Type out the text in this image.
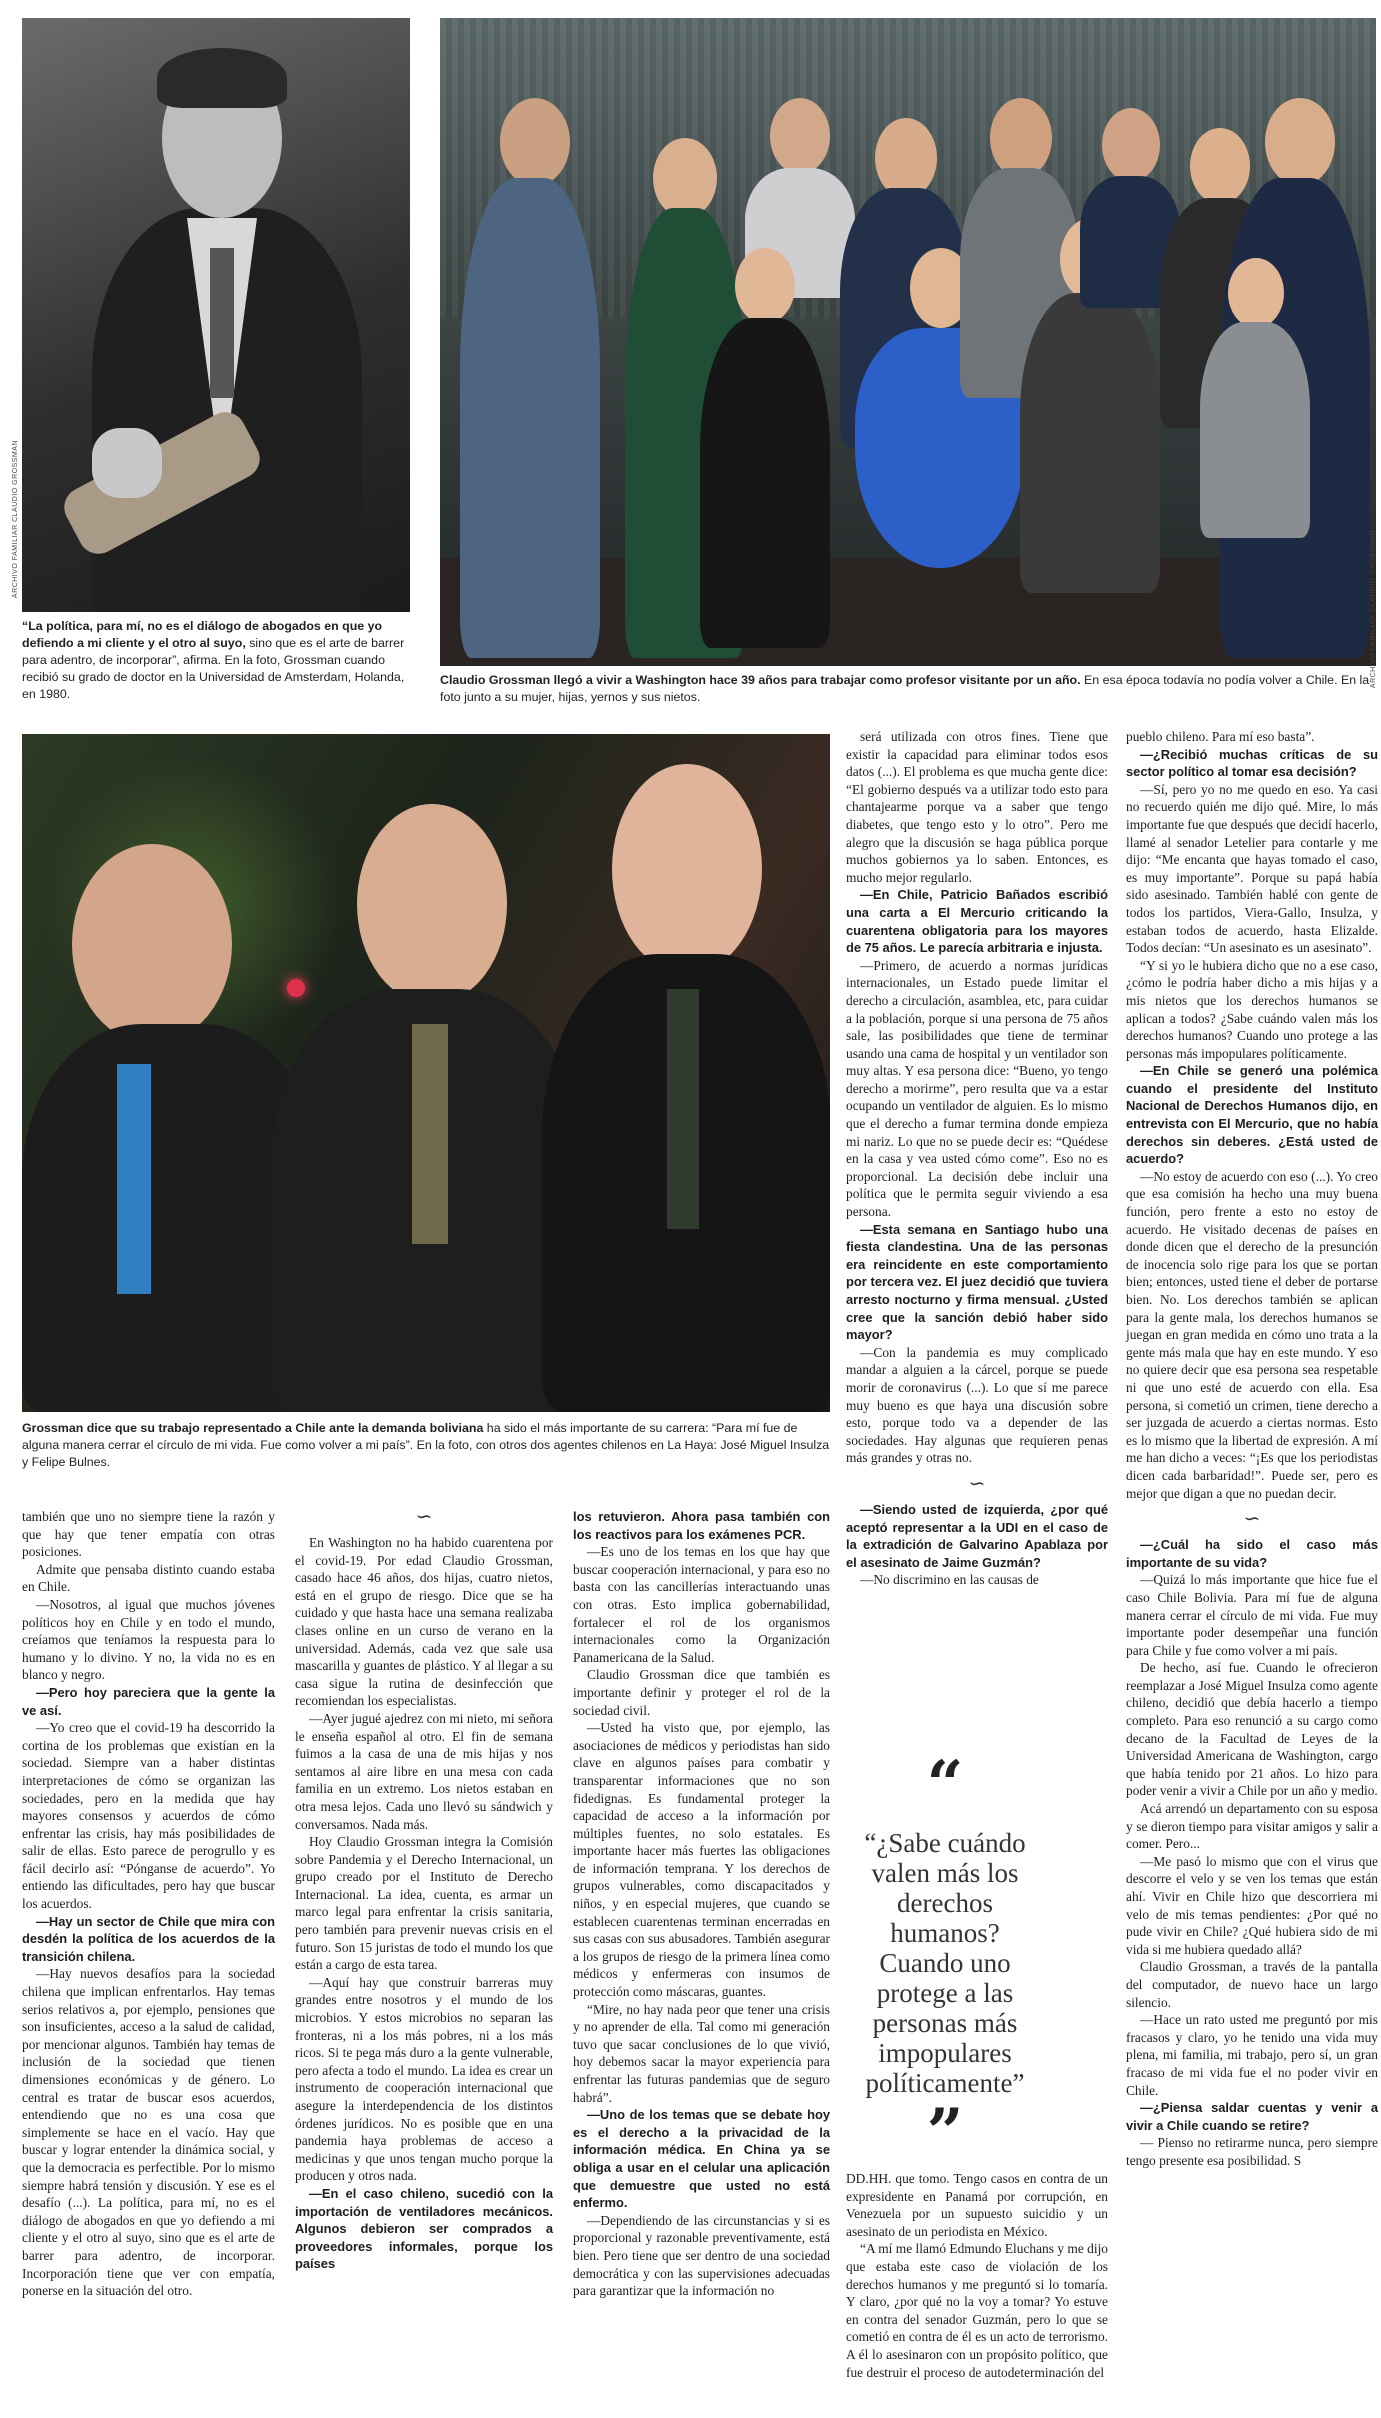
ARCHIVO FAMILIAR CLAUDIO GROSSMAN
ARCHIVO FAMILIAR CLAUDIO GROSSMAN
“La política, para mí, no es el diálogo de abogados en que yo defiendo a mi cliente y el otro al suyo, sino que es el arte de barrer para adentro, de incorporar”, afirma. En la foto, Grossman cuando recibió su grado de doctor en la Universidad de Amsterdam, Holanda, en 1980.
Claudio Grossman llegó a vivir a Washington hace 39 años para trabajar como profesor visitante por un año. En esa época todavía no podía volver a Chile. En la foto junto a su mujer, hijas, yernos y sus nietos.
Grossman dice que su trabajo representado a Chile ante la demanda boliviana ha sido el más importante de su carrera: “Para mí fue de alguna manera cerrar el círculo de mi vida. Fue como volver a mi país”. En la foto, con otros dos agentes chilenos en La Haya: José Miguel Insulza y Felipe Bulnes.

será utilizada con otros fines. Tiene que existir la capacidad para eliminar todos esos datos (...). El problema es que mucha gente dice: “El gobierno después va a utilizar todo esto para chantajearme porque va a saber que tengo diabetes, que tengo esto y lo otro”. Pero me alegro que la discusión se haga pública porque muchos gobiernos ya lo saben. Entonces, es mucho mejor regularlo.

—En Chile, Patricio Bañados escribió una carta a El Mercurio criticando la cuarentena obligatoria para los mayores de 75 años. Le parecía arbitraria e injusta.

—Primero, de acuerdo a normas jurídicas internacionales, un Estado puede limitar el derecho a circulación, asamblea, etc, para cuidar a la población, porque si una persona de 75 años sale, las posibilidades que tiene de terminar usando una cama de hospital y un ventilador son muy altas. Y esa persona dice: “Bueno, yo tengo derecho a morirme”, pero resulta que va a estar ocupando un ventilador de alguien. Es lo mismo que el derecho a fumar termina donde empieza mi nariz. Lo que no se puede decir es: “Quédese en la casa y vea usted cómo come”. Eso no es proporcional. La decisión debe incluir una política que le permita seguir viviendo a esa persona.

—Esta semana en Santiago hubo una fiesta clandestina. Una de las personas era reincidente en este comportamiento por tercera vez. El juez decidió que tuviera arresto nocturno y firma mensual. ¿Usted cree que la sanción debió haber sido mayor?

—Con la pandemia es muy complicado mandar a alguien a la cárcel, porque se puede morir de coronavirus (...). Lo que sí me parece muy bueno es que haya una discusión sobre esto, porque todo va a depender de las sociedades. Hay algunas que requieren penas más grandes y otras no.

∽

—Siendo usted de izquierda, ¿por qué aceptó representar a la UDI en el caso de la extradición de Galvarino Apablaza por el asesinato de Jaime Guzmán?

—No discrimino en las causas de

DD.HH. que tomo. Tengo casos en contra de un expresidente en Panamá por corrupción, en Venezuela por un supuesto suicidio y un asesinato de un periodista en México.

“A mí me llamó Edmundo Eluchans y me dijo que estaba este caso de violación de los derechos humanos y me preguntó si lo tomaría. Y claro, ¿por qué no la voy a tomar? Yo estuve en contra del senador Guzmán, pero lo que se cometió en contra de él es un acto de terrorismo. A él lo asesinaron con un propósito político, que fue destruir el proceso de autodeterminación del

pueblo chileno. Para mí eso basta”.

—¿Recibió muchas críticas de su sector político al tomar esa decisión?

—Sí, pero yo no me quedo en eso. Ya casi no recuerdo quién me dijo qué. Mire, lo más importante fue que después que decidí hacerlo, llamé al senador Letelier para contarle y me dijo: “Me encanta que hayas tomado el caso, es muy importante”. Porque su papá había sido asesinado. También hablé con gente de todos los partidos, Viera-Gallo, Insulza, y estaban todos de acuerdo, hasta Elizalde. Todos decían: “Un asesinato es un asesinato”.

“Y si yo le hubiera dicho que no a ese caso, ¿cómo le podría haber dicho a mis hijas y a mis nietos que los derechos humanos se aplican a todos? ¿Sabe cuándo valen más los derechos humanos? Cuando uno protege a las personas más impopulares políticamente.

—En Chile se generó una polémica cuando el presidente del Instituto Nacional de Derechos Humanos dijo, en entrevista con El Mercurio, que no había derechos sin deberes. ¿Está usted de acuerdo?

—No estoy de acuerdo con eso (...). Yo creo que esa comisión ha hecho una muy buena función, pero frente a esto no estoy de acuerdo. He visitado decenas de países en donde dicen que el derecho de la presunción de inocencia solo rige para los que se portan bien; entonces, usted tiene el deber de portarse bien. No. Los derechos también se aplican para la gente mala, los derechos humanos se juegan en gran medida en cómo uno trata a la gente más mala que hay en este mundo. Y eso no quiere decir que esa persona sea respetable ni que uno esté de acuerdo con ella. Esa persona, si cometió un crimen, tiene derecho a ser juzgada de acuerdo a ciertas normas. Esto es lo mismo que la libertad de expresión. A mí me han dicho a veces: “¡Es que los periodistas dicen cada barbaridad!”. Puede ser, pero es mejor que digan a que no puedan decir.

∽

—¿Cuál ha sido el caso más importante de su vida?

—Quizá lo más importante que hice fue el caso Chile Bolivia. Para mí fue de alguna manera cerrar el círculo de mi vida. Fue muy importante poder desempeñar una función para Chile y fue como volver a mi país.

De hecho, así fue. Cuando le ofrecieron reemplazar a José Miguel Insulza como agente chileno, decidió que debía hacerlo a tiempo completo. Para eso renunció a su cargo como decano de la Facultad de Leyes de la Universidad Americana de Washington, cargo que había tenido por 21 años. Lo hizo para poder venir a vivir a Chile por un año y medio.

Acá arrendó un departamento con su esposa y se dieron tiempo para visitar amigos y salir a comer. Pero...

—Me pasó lo mismo que con el virus que descorre el velo y se ven los temas que están ahí. Vivir en Chile hizo que descorriera mi velo de mis temas pendientes: ¿Por qué no pude vivir en Chile? ¿Qué hubiera sido de mi vida si me hubiera quedado allá?

Claudio Grossman, a través de la pantalla del computador, de nuevo hace un largo silencio.

—Hace un rato usted me preguntó por mis fracasos y claro, yo he tenido una vida muy plena, mi familia, mi trabajo, pero sí, un gran fracaso de mi vida fue el no poder vivir en Chile.

—¿Piensa saldar cuentas y venir a vivir a Chile cuando se retire?

— Pienso no retirarme nunca, pero siempre tengo presente esa posibilidad. S

también que uno no siempre tiene la razón y que hay que tener empatía con otras posiciones.

Admite que pensaba distinto cuando estaba en Chile.

—Nosotros, al igual que muchos jóvenes políticos hoy en Chile y en todo el mundo, creíamos que teníamos la respuesta para lo humano y lo divino. Y no, la vida no es en blanco y negro.

—Pero hoy pareciera que la gente la ve así.

—Yo creo que el covid-19 ha descorrido la cortina de los problemas que existían en la sociedad. Siempre van a haber distintas interpretaciones de cómo se organizan las sociedades, pero en la medida que hay mayores consensos y acuerdos de cómo enfrentar las crisis, hay más posibilidades de salir de ellas. Esto parece de perogrullo y es fácil decirlo así: “Pónganse de acuerdo”. Yo entiendo las dificultades, pero hay que buscar los acuerdos.

—Hay un sector de Chile que mira con desdén la política de los acuerdos de la transición chilena.

—Hay nuevos desafíos para la sociedad chilena que implican enfrentarlos. Hay temas serios relativos a, por ejemplo, pensiones que son insuficientes, acceso a la salud de calidad, por mencionar algunos. También hay temas de inclusión de la sociedad que tienen dimensiones económicas y de género. Lo central es tratar de buscar esos acuerdos, entendiendo que no es una cosa que simplemente se hace en el vacío. Hay que buscar y lograr entender la dinámica social, y que la democracia es perfectible. Por lo mismo siempre habrá tensión y discusión. Y ese es el desafío (...). La política, para mí, no es el diálogo de abogados en que yo defiendo a mi cliente y el otro al suyo, sino que es el arte de barrer para adentro, de incorporar. Incorporación tiene que ver con empatía, ponerse en la situación del otro.

∽

En Washington no ha habido cuarentena por el covid-19. Por edad Claudio Grossman, casado hace 46 años, dos hijas, cuatro nietos, está en el grupo de riesgo. Dice que se ha cuidado y que hasta hace una semana realizaba clases online en un curso de verano en la universidad. Además, cada vez que sale usa mascarilla y guantes de plástico. Y al llegar a su casa sigue la rutina de desinfección que recomiendan los especialistas.

—Ayer jugué ajedrez con mi nieto, mi señora le enseña español al otro. El fin de semana fuimos a la casa de una de mis hijas y nos sentamos al aire libre en una mesa con cada familia en un extremo. Los nietos estaban en otra mesa lejos. Cada uno llevó su sándwich y conversamos. Nada más.

Hoy Claudio Grossman integra la Comisión sobre Pandemia y el Derecho Internacional, un grupo creado por el Instituto de Derecho Internacional. La idea, cuenta, es armar un marco legal para enfrentar la crisis sanitaria, pero también para prevenir nuevas crisis en el futuro. Son 15 juristas de todo el mundo los que están a cargo de esta tarea.

—Aquí hay que construir barreras muy grandes entre nosotros y el mundo de los microbios. Y estos microbios no separan las fronteras, ni a los más pobres, ni a los más ricos. Si te pega más duro a la gente vulnerable, pero afecta a todo el mundo. La idea es crear un instrumento de cooperación internacional que asegure la interdependencia de los distintos órdenes jurídicos. No es posible que en una pandemia haya problemas de acceso a medicinas y que unos tengan mucho porque la producen y otros nada.

—En el caso chileno, sucedió con la importación de ventiladores mecánicos. Algunos debieron ser comprados a proveedores informales, porque los países

los retuvieron. Ahora pasa también con los reactivos para los exámenes PCR.

—Es uno de los temas en los que hay que buscar cooperación internacional, y para eso no basta con las cancillerías interactuando unas con otras. Esto implica gobernabilidad, fortalecer el rol de los organismos internacionales como la Organización Panamericana de la Salud.

Claudio Grossman dice que también es importante definir y proteger el rol de la sociedad civil.

—Usted ha visto que, por ejemplo, las asociaciones de médicos y periodistas han sido clave en algunos países para combatir y transparentar informaciones que no son fidedignas. Es fundamental proteger la capacidad de acceso a la información por múltiples fuentes, no solo estatales. Es importante hacer más fuertes las obligaciones de información temprana. Y los derechos de grupos vulnerables, como discapacitados y niños, y en especial mujeres, que cuando se establecen cuarentenas terminan encerradas en sus casas con sus abusadores. También asegurar a los grupos de riesgo de la primera línea como médicos y enfermeras con insumos de protección como máscaras, guantes.

“Mire, no hay nada peor que tener una crisis y no aprender de ella. Tal como mi generación tuvo que sacar conclusiones de lo que vivió, hoy debemos sacar la mayor experiencia para enfrentar las futuras pandemias que de seguro habrá”.

—Uno de los temas que se debate hoy es el derecho a la privacidad de la información médica. En China ya se obliga a usar en el celular una aplicación que demuestre que usted no está enfermo.

—Dependiendo de las circunstancias y si es proporcional y razonable preventivamente, está bien. Pero tiene que ser dentro de una sociedad democrática y con las supervisiones adecuadas para garantizar que la información no

“
“¿Sabe cuándo valen más los derechos humanos? Cuando uno protege a las personas más impopulares políticamente”
”
